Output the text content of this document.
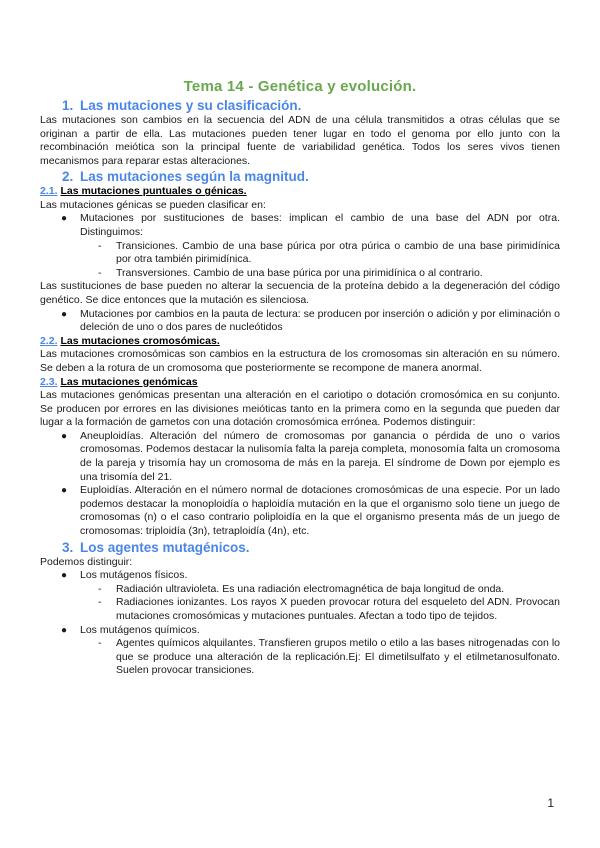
Tema 14 - Genética y evolución.
1. Las mutaciones y su clasificación.

Las mutaciones son cambios en la secuencia del ADN de una célula transmitidos a otras células que se originan a partir de ella. Las mutaciones pueden tener lugar en todo el genoma por ello junto con la recombinación meiótica son la principal fuente de variabilidad genética. Todos los seres vivos tienen mecanismos para reparar estas alteraciones.

2. Las mutaciones según la magnitud.
2.1. Las mutaciones puntuales o génicas.

Las mutaciones génicas se pueden clasificar en:

● Mutaciones por sustituciones de bases: implican el cambio de una base del ADN por otra. Distinguimos:
- Transiciones. Cambio de una base púrica por otra púrica o cambio de una base pirimidínica por otra también pirimidínica.
- Transversiones. Cambio de una base púrica por una pirimidínica o al contrario.

Las sustituciones de base pueden no alterar la secuencia de la proteína debido a la degeneración del código genético. Se dice entonces que la mutación es silenciosa.

● Mutaciones por cambios en la pauta de lectura: se producen por inserción o adición y por eliminación o deleción de uno o dos pares de nucleótidos
2.2. Las mutaciones cromosómicas.

Las mutaciones cromosómicas son cambios en la estructura de los cromosomas sin alteración en su número. Se deben a la rotura de un cromosoma que posteriormente se recompone de manera anormal.

2.3. Las mutaciones genómicas

Las mutaciones genómicas presentan una alteración en el cariotipo o dotación cromosómica en su conjunto. Se producen por errores en las divisiones meióticas tanto en la primera como en la segunda que pueden dar lugar a la formación de gametos con una dotación cromosómica errónea. Podemos distinguir:

● Aneuploidías. Alteración del número de cromosomas por ganancia o pérdida de uno o varios cromosomas. Podemos destacar la nulisomía falta la pareja completa, monosomía falta un cromosoma de la pareja y trisomía hay un cromosoma de más en la pareja. El síndrome de Down por ejemplo es una trisomía del 21.
● Euploidías. Alteración en el número normal de dotaciones cromosómicas de una especie. Por un lado podemos destacar la monoploidía o haploidía mutación en la que el organismo solo tiene un juego de cromosomas (n) o el caso contrario poliploidía en la que el organismo presenta más de un juego de cromosomas: triploidía (3n), tetraploidía (4n), etc.
3. Los agentes mutagénicos.

Podemos distinguir:

● Los mutágenos físicos.
- Radiación ultravioleta. Es una radiación electromagnética de baja longitud de onda.
- Radiaciones ionizantes. Los rayos X pueden provocar rotura del esqueleto del ADN. Provocan mutaciones cromosómicas y mutaciones puntuales. Afectan a todo tipo de tejidos.
● Los mutágenos químicos.
- Agentes químicos alquilantes. Transfieren grupos metilo o etilo a las bases nitrogenadas con lo que se produce una alteración de la replicación.Ej: El dimetilsulfato y el etilmetanosulfonato. Suelen provocar transiciones.
1
